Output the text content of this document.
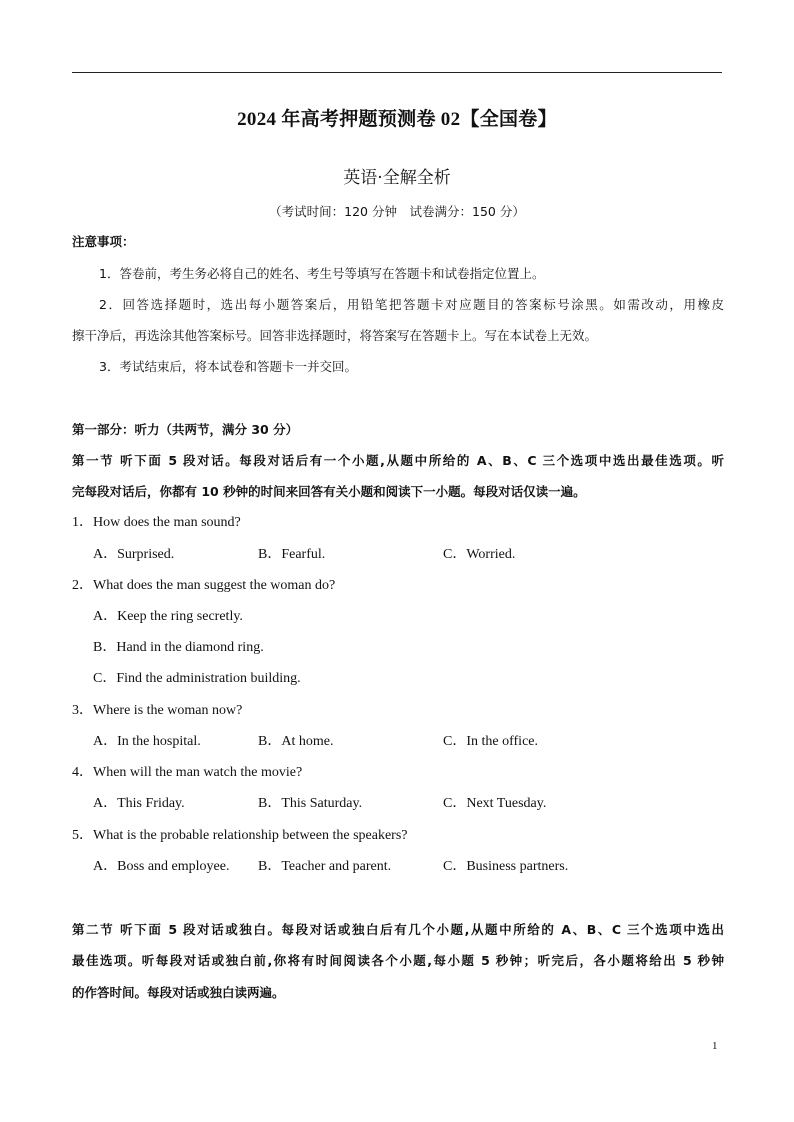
2024 年高考押题预测卷 02【全国卷】
英语·全解全析
（考试时间：120 分钟　试卷满分：150 分）
注意事项：
1．答卷前，考生务必将自己的姓名、考生号等填写在答题卡和试卷指定位置上。
2．回答选择题时，选出每小题答案后，用铅笔把答题卡对应题目的答案标号涂黑。如需改动，用橡皮
擦干净后，再选涂其他答案标号。回答非选择题时，将答案写在答题卡上。写在本试卷上无效。
3．考试结束后，将本试卷和答题卡一并交回。
第一部分：听力（共两节，满分 30 分）
第一节 听下面 5 段对话。每段对话后有一个小题,从题中所给的 A、B、C 三个选项中选出最佳选项。听
完每段对话后，你都有 10 秒钟的时间来回答有关小题和阅读下一小题。每段对话仅读一遍。
1．How does the man sound?
A．Surprised.	B．Fearful.	C．Worried.
2．What does the man suggest the woman do?
A．Keep the ring secretly.
B．Hand in the diamond ring.
C．Find the administration building.
3．Where is the woman now?
A．In the hospital.	B．At home.	C．In the office.
4．When will the man watch the movie?
A．This Friday.	B．This Saturday.	C．Next Tuesday.
5．What is the probable relationship between the speakers?
A．Boss and employee. B．Teacher and parent.	C．Business partners.
第二节 听下面 5 段对话或独白。每段对话或独白后有几个小题,从题中所给的 A、B、C 三个选项中选出
最佳选项。听每段对话或独白前,你将有时间阅读各个小题,每小题 5 秒钟；听完后，各小题将给出 5 秒钟
的作答时间。每段对话或独白读两遍。
1
